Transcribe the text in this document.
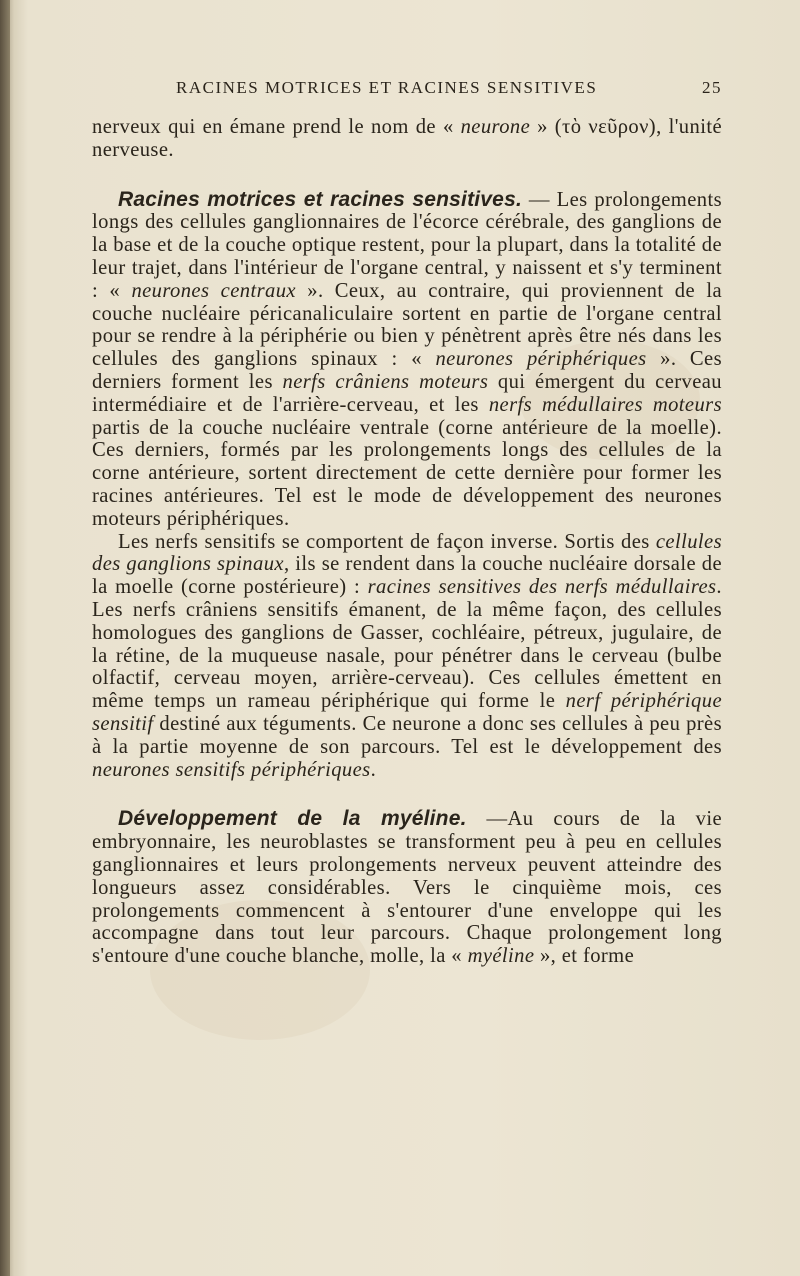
RACINES MOTRICES ET RACINES SENSITIVES	25

nerveux qui en émane prend le nom de « neurone » (τὸ νεῦρον), l'unité nerveuse.

Racines motrices et racines sensitives. — Les prolongements longs des cellules ganglionnaires de l'écorce cérébrale, des ganglions de la base et de la couche optique restent, pour la plupart, dans la totalité de leur trajet, dans l'intérieur de l'organe central, y naissent et s'y terminent : « neurones centraux ». Ceux, au contraire, qui proviennent de la couche nucléaire péricanaliculaire sortent en partie de l'organe central pour se rendre à la périphérie ou bien y pénètrent après être nés dans les cellules des ganglions spinaux : « neurones périphériques ». Ces derniers forment les nerfs crâniens moteurs qui émergent du cerveau intermédiaire et de l'arrière-cerveau, et les nerfs médullaires moteurs partis de la couche nucléaire ventrale (corne antérieure de la moelle). Ces derniers, formés par les prolongements longs des cellules de la corne antérieure, sortent directement de cette dernière pour former les racines antérieures. Tel est le mode de développement des neurones moteurs périphériques.

Les nerfs sensitifs se comportent de façon inverse. Sortis des cellules des ganglions spinaux, ils se rendent dans la couche nucléaire dorsale de la moelle (corne postérieure) : racines sensitives des nerfs médullaires. Les nerfs crâniens sensitifs émanent, de la même façon, des cellules homologues des ganglions de Gasser, cochléaire, pétreux, jugulaire, de la rétine, de la muqueuse nasale, pour pénétrer dans le cerveau (bulbe olfactif, cerveau moyen, arrière-cerveau). Ces cellules émettent en même temps un rameau périphérique qui forme le nerf périphérique sensitif destiné aux téguments. Ce neurone a donc ses cellules à peu près à la partie moyenne de son parcours. Tel est le développement des neurones sensitifs périphériques.

Développement de la myéline. —Au cours de la vie embryonnaire, les neuroblastes se transforment peu à peu en cellules ganglionnaires et leurs prolongements nerveux peuvent atteindre des longueurs assez considérables. Vers le cinquième mois, ces prolongements commencent à s'entourer d'une enveloppe qui les accompagne dans tout leur parcours. Chaque prolongement long s'entoure d'une couche blanche, molle, la « myéline », et forme
